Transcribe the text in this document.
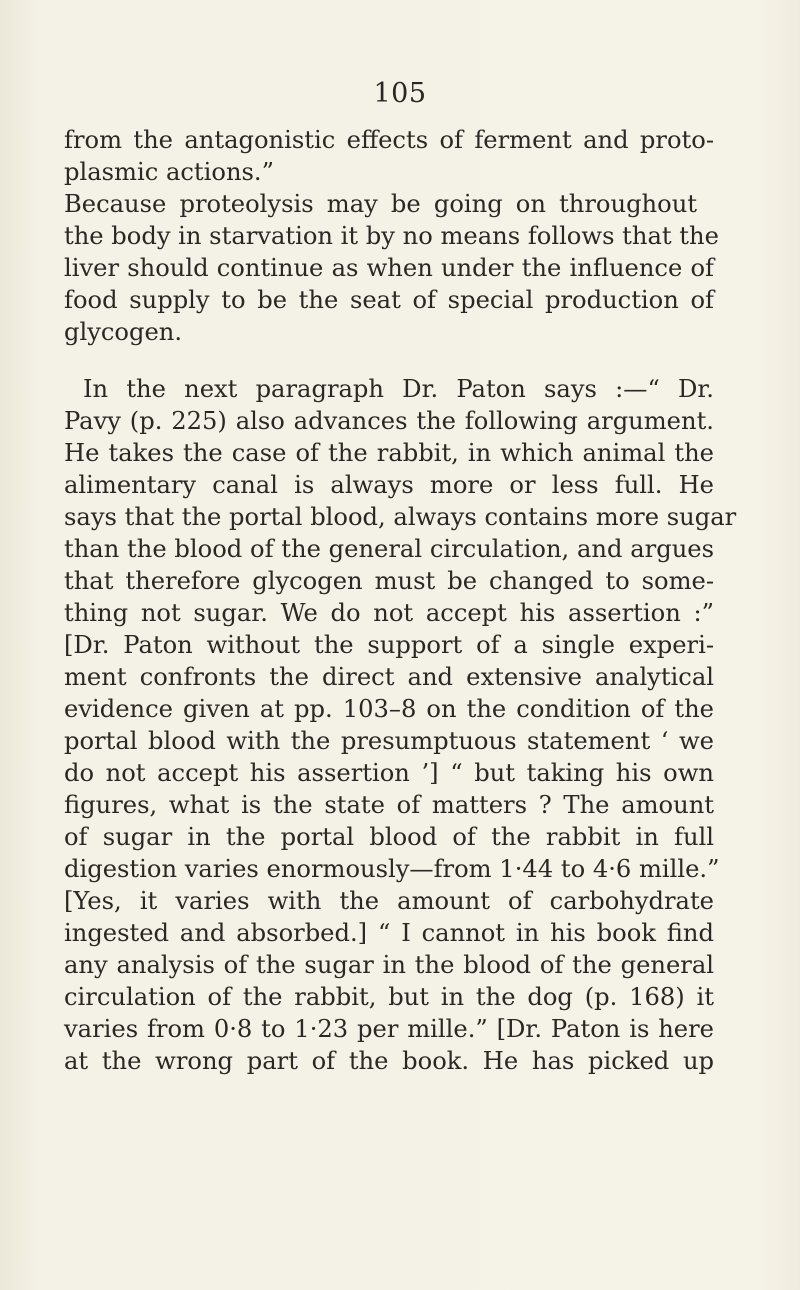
105
from the antagonistic effects of ferment and proto-
plasmic actions.”
Because proteolysis may be going on throughout
the body in starvation it by no means follows that the
liver should continue as when under the influence of
food supply to be the seat of special production of
glycogen.
In the next paragraph Dr. Paton says :—“ Dr.
Pavy (p. 225) also advances the following argument.
He takes the case of the rabbit, in which animal the
alimentary canal is always more or less full. He
says that the portal blood, always contains more sugar
than the blood of the general circulation, and argues
that therefore glycogen must be changed to some-
thing not sugar. We do not accept his assertion :”
[Dr. Paton without the support of a single experi-
ment confronts the direct and extensive analytical
evidence given at pp. 103–8 on the condition of the
portal blood with the presumptuous statement ‘ we
do not accept his assertion ’] “ but taking his own
figures, what is the state of matters ? The amount
of sugar in the portal blood of the rabbit in full
digestion varies enormously—from 1·44 to 4·6 mille.”
[Yes, it varies with the amount of carbohydrate
ingested and absorbed.] “ I cannot in his book find
any analysis of the sugar in the blood of the general
circulation of the rabbit, but in the dog (p. 168) it
varies from 0·8 to 1·23 per mille.” [Dr. Paton is here
at the wrong part of the book. He has picked up
